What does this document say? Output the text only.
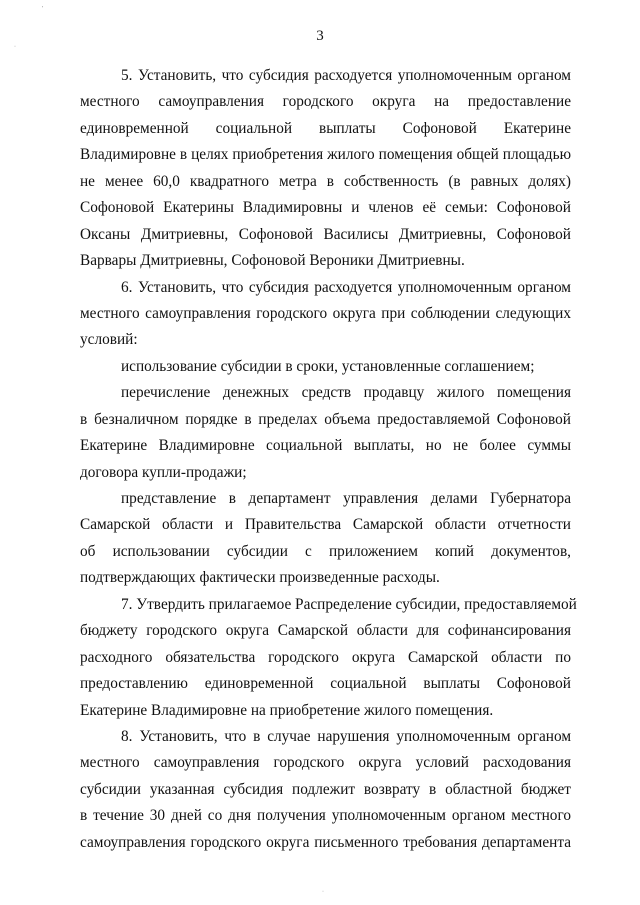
'
·
3
5. Установить, что субсидия расходуется уполномоченным органом
местного самоуправления городского округа на предоставление
единовременной социальной выплаты Софоновой Екатерине
Владимировне в целях приобретения жилого помещения общей площадью
не менее 60,0 квадратного метра в собственность (в равных долях)
Софоновой Екатерины Владимировны и членов её семьи: Софоновой
Оксаны Дмитриевны, Софоновой Василисы Дмитриевны, Софоновой
Варвары Дмитриевны, Софоновой Вероники Дмитриевны.
6. Установить, что субсидия расходуется уполномоченным органом
местного самоуправления городского округа при соблюдении следующих
условий:
использование субсидии в сроки, установленные соглашением;
перечисление денежных средств продавцу жилого помещения
в безналичном порядке в пределах объема предоставляемой Софоновой
Екатерине Владимировне социальной выплаты, но не более суммы
договора купли-продажи;
представление в департамент управления делами Губернатора
Самарской области и Правительства Самарской области отчетности
об использовании субсидии с приложением копий документов,
подтверждающих фактически произведенные расходы.
7. Утвердить прилагаемое Распределение субсидии, предоставляемой
бюджету городского округа Самарской области для софинансирования
расходного обязательства городского округа Самарской области по
предоставлению единовременной социальной выплаты Софоновой
Екатерине Владимировне на приобретение жилого помещения.
8. Установить, что в случае нарушения уполномоченным органом
местного самоуправления городского округа условий расходования
субсидии указанная субсидия подлежит возврату в областной бюджет
в течение 30 дней со дня получения уполномоченным органом местного
самоуправления городского округа письменного требования департамента
·
